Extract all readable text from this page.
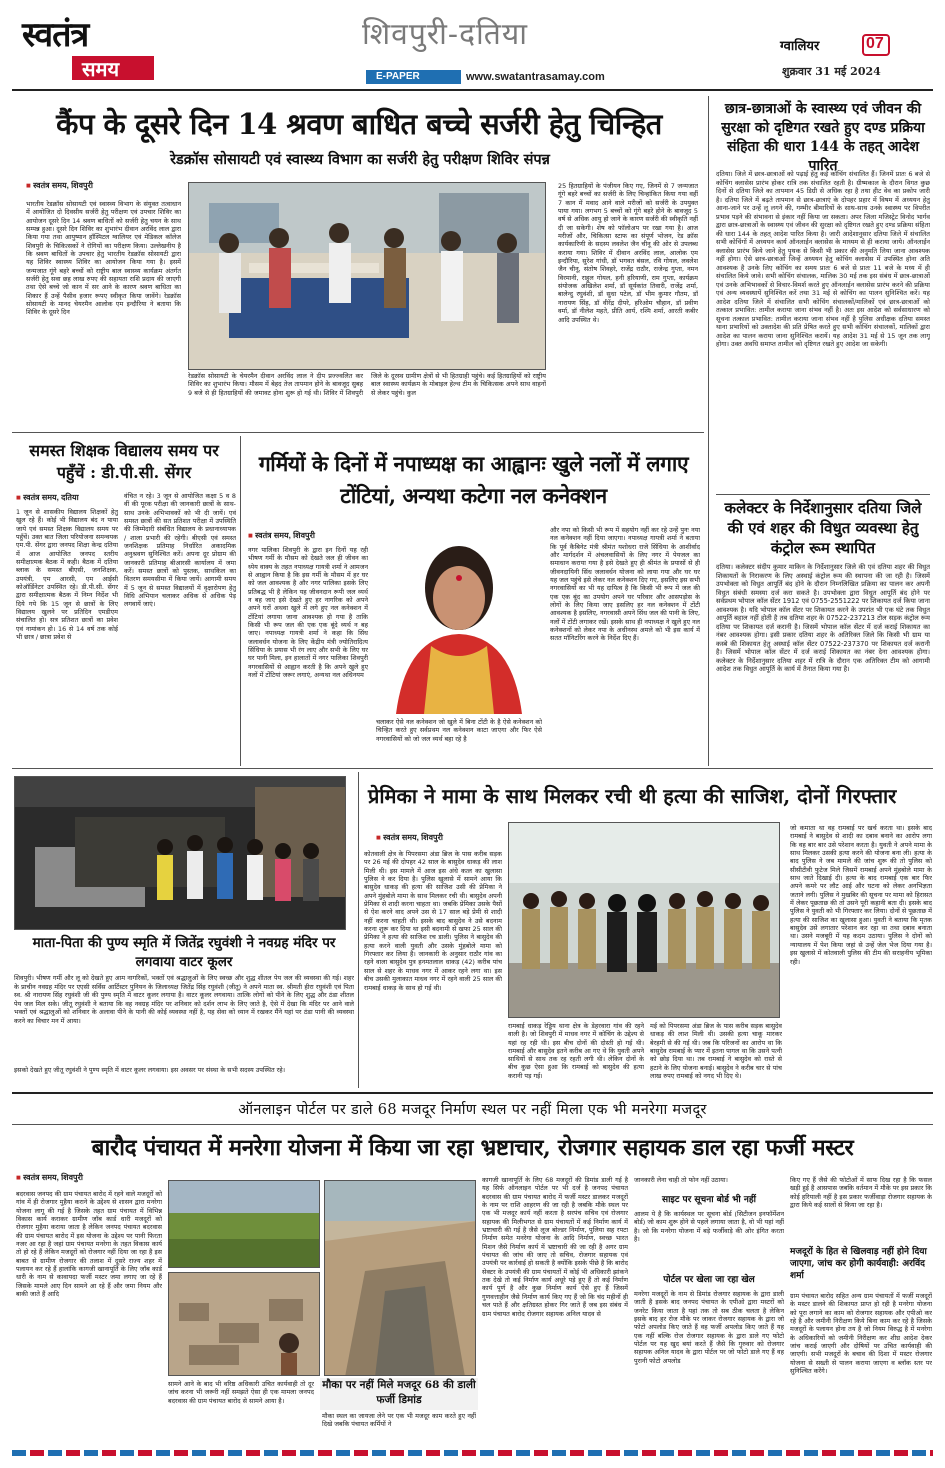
स्वतंत्र
समय
शिवपुरी-दतिया
E-PAPER	www.swatantrasamay.com
ग्वालियर	07
शुक्रवार 31 मई 2024
कैंप के दूसरे दिन 14 श्रवण बाधित बच्चे सर्जरी हेतु चिन्हित
रेडक्रॉस सोसायटी एवं स्वास्थ्य विभाग का सर्जरी हेतु परीक्षण शिविर संपन्न
■ स्वतंत्र समय, शिवपुरी
भारतीय रेडक्रॉस सोसायटी एवं स्वास्थ्य विभाग के संयुक्त तत्वाधान में आयोजित दो दिवसीय सर्जरी हेतु परीक्षण एवं उपचार शिविर का आयोजन दूसरे दिन 14 श्रवण बाधितों को सर्जरी हेतु चयन के साथ सम्पन्न हुआ। दूसरे दिन शिविर का शुभारंभ दीवान अरविंद लाल द्वारा किया गया तथा आयुष्मान हॉस्पिटल ग्वालियर एवं मेडिकल कॉलेज शिवपुरी के चिकित्सकों ने रोगियों का परीक्षण किया। उल्लेखनीय है कि श्रवण बाधितों के उपचार हेतु भारतीय रेडक्रॉस सोसायटी द्वारा यह शिविर स्वास्थ्य शिविर का आयोजन किया गया है। इसमें जन्मजात गूंगे बहरे बच्चों को राष्ट्रीय बाल स्वास्थ्य कार्यक्रम अंतर्गत सर्जरी हेतु सवा छह लाख रुपए की सहायता राशि प्रदाय की जाएगी तथा ऐसे बच्चे जो कान में सर आने के कारण श्रवण बाधिता का शिकार हैं उन्हें पैसीव हजार रूपए स्वीकृत किया जावेंगे। रेडक्रॉस सोसायटी के मानद चेयरमैन आलोक एम इन्दौरिया ने बताया कि शिविर के दूसरे दिन
रेडक्रॉस सोसायटी के चेयरमैन दीवान अरविंद लाल ने दीप प्रज्ज्वलित कर शिविर का शुभारंभ किया। मौसम में बेहद तेज तापमान होने के बावजूद सुबह 9 बजे से ही हितग्राहियों की जमावट होना शुरू हो गई थी। शिविर में शिवपुरी जिले के दूरस्थ ग्रामीण क्षेत्रों से भी हितग्राही पहुंचे। कई हितग्राहियों को राष्ट्रीय बाल स्वास्थ्य कार्यक्रम के मोबाइल हेल्थ टीम के चिकित्सक अपने साथ वाहनों से लेकर पहुंचे। कुल
25 हितग्राहियों के पंजीयन किए गए, जिनमें से 7 जन्मजात गूंगे बहरे बच्चों का सर्जरी के लिए चिन्हांकित किया गया वहीं 7 कान में मवाद आने वाले मरीजों को सर्जरी के उपयुक्त पाया गया। लगभग 5 बच्चों को गूंगे बहरे होने के बावजूद 5 वर्ष से अधिक आयु हो जाने के कारण सर्जरी की स्वीकृति नहीं दी जा सकेगी। शेष को फॉलोअप पर रखा गया है। आज मरीजों और, चिकित्सा स्टाफ का संपूर्ण भोजन, रेड क्रॉस कार्यकारिणी के सदस्य लवलेश जैन चीनू की ओर से उपलब्ध कराया गया। शिविर में दीवान अरविंद लाल, आलोक एम इन्दौरिया, सुरेश गांधी, डॉ भगवत बंसल, रवि गोयल, लवलेश जैन चीनू, संतोष शिवहरे, राजेंद्र राठौर, राजेन्द्र गुप्ता, नमन विरमानी, राहुल गोयल, हनी हरियाणी, राम गुप्ता, कार्यक्रम संयोजक अखिलेश शर्मा, डॉ सूर्यकांत तिवारी, राजेंद्र शर्मा, बालेन्दु रघुवंशी, डॉ सुधा पटेल, डॉ भीम कुमार गौतम, डॉ नारायण सिंह, डॉ वीरेंद्र दीपरे, हरिओम चौहान, डॉ प्रवीण वर्मा, डॉ नीलेश महते, प्रीति आर्य, रश्मि शर्मा, आरती कबीर आदि उपस्थित थे।
छात्र-छात्राओं के स्वास्थ्य एवं जीवन की सुरक्षा को दृष्टिगत रखते हुए दण्ड प्रक्रिया संहिता की धारा 144 के तहत् आदेश पारित
दतिया। जिले में छात्र-छात्राओं को पढ़ाई हेतु कई कोचिंग संचालित हैं। जिनमें प्रातः 6 बजे से कोचिंग क्लासेस प्रारंभ होकर रात्रि तक संचालित रहती है। ग्रीष्मकाल के दौरान विगत कुछ दिनों से दतिया जिले का तापमान 45 डिग्री से अधिक रहा है तथा हीट वेव का प्रकोप जारी है। दतिया जिले में बढ़ते तापमान से छात्र-छात्राएं के दोपहर प्रहार में विषम में अध्ययन हेतु आना-जाने पर उन्हें लू लगने की, गम्भीर बीमारियों के साथ-साथ उनके स्वास्थ्य पर विपरीत प्रभाव पड़ने की संभावना से इंकार नहीं किया जा सकता। अपर जिला मजिस्ट्रेट विनोद भार्गव द्वारा छात्र-छात्राओं के स्वास्थ्य एवं जीवन की सुरक्षा को दृष्टिगत रखते हुए दण्ड प्रक्रिया संहिता की धारा 144 के तहत् आदेश पारित किया है। जारी आदेशानुसार दतिया जिले में संचालित सभी कोचिंगों में अध्ययन कार्य ऑनलाईन क्लासेस के माध्यम से ही कराया जाये। ऑनलाईन क्लासेस प्रारंभ किये जाने हेतु पृथक से किसी भी प्रकार की अनुमति लिया जाना आवश्यक नहीं होगा। ऐसे छात्र-छात्राओं जिन्हें अध्ययन हेतु कोचिंग क्लासेस में उपस्थित होना अति आवश्यक है उनके लिए कोचिंग का समय प्रातः 6 बजे से प्रातः 11 बजे के मध्य में ही संचालित किये जावे। सभी कोचिंग संचालक, मालिक 30 मई तक इस संबंध में छात्र-छात्राओं एवं उनके अभिभावकों से विचार-विमर्श करते हुए ऑनलाईन क्लासेस प्रारंभ करने की प्रक्रिया एवं अन्य व्यवस्थायें सुनिश्चित करें तथा 31 मई से कोचिंग का पालन सुनिश्चित करें। यह आदेश दतिया जिले में संचालित सभी कोचिंग संचालकों/मालिकों एवं छात्र-छात्राओं को तत्काल प्रभावित: तामील कराया जाना संभव नहीं है। अतः इस आदेश को सर्वसाधारण को सूचना तत्काल प्रभावित: तामील कराया जाना संभव नहीं है पुलिस अधीक्षक दतिया समस्त थाना प्रभारियों को उक्तादेश की प्रति प्रेषित करते हुए सभी कोचिंग संचालकों, मालिकों द्वारा आदेश का पालन कराया जाना सुनिश्चित करायें। यह आदेश 31 मई से 15 जून तक लागू होगा। उक्त अवधि समाप्त तामील को दृष्टिगत रखते हुए आदेश जा सकेगी।
कलेक्टर के निर्देशानुसार दतिया जिले की एवं शहर की विधुत व्यवस्था हेतु कंट्रोल रूम स्थापित
दतिया। कलेक्टर संदीप कुमार माकिन के निर्देशानुसार जिले की एवं दतिया शहर की विधुत शिकायतों के निराकरण के लिए अस्थाई कंट्रोल रूम की स्थापना की जा रही है। जिसमें उपभोक्ता को विधुत आपूर्ति बंद होने के दौरान निम्नलिखित प्रक्रिया का पालन कर अपनी विधुत संबंधी समस्या दर्ज करा सकते है। उपभोक्ता द्वारा विधुत आपूर्ति बंद होने पर सर्वप्रथम भोपाल कॉल सेंटर 1912 एवं 0755-2551222 पर शिकायत दर्ज किया जाना आवश्यक है। यदि भोपाल कॉल सेंटर पर शिकायत करने के उपरांत भी एक घंटे तक विधुत आपूर्ति बहाल नहीं होती है तब दतिया शहर के 07522-237213 टोल सड़क कंट्रोल रूम दतिया पर शिकायत दर्ज करानी है। जिसमें भोपाल कॉल सेंटर में दर्ज कराई शिकायत का नंबर आवश्यक होगा। इसी प्रकार दतिया शहर के अतिरिक्त जिले कि किसी भी ग्राम या कस्बे की शिकायत हेतु अस्थाई कॉल सेंटर 07522-237370 पर शिकायत दर्ज करानी है। जिसमें भोपाल कॉल सेंटर में दर्ज कराई शिकायत का नंबर देना आवश्यक होगा। कलेक्टर के निर्देशानुसार दतिया शहर में रात्रि के दौरान एक अतिरिक्त टीम को आगामी आदेश तक विधुत आपूर्ति के कार्य में तैनात किया गया है।
समस्त शिक्षक विद्यालय समय पर पहुँचें : डी.पी.सी. सेंगर
■ स्वतंत्र समय, दतिया
1 जून से शासकीय विद्यालय शिक्षकों हेतु खुल रहे हैं। कोई भी विद्यालय बंद न पाया जाये एवं समस्त शिक्षक विद्यालय समय पर पहुँचें। उक्त बात जिला परियोजना समन्वयक एम.पी. सेंगर द्वारा जनपद शिक्षा केन्द्र दतिया में आज आयोजित जनपद स्तरीय समीक्षात्मक बैठक में कही। बैठक में दतिया ब्लाक के समस्त बीएसी, जनशिक्षक, उपयंत्री, एम आरसी, एम आईसी कोऑर्डिनेटर उपस्थित रहे। डी.पी.सी. सेंगर द्वारा समीक्षात्मक बैठक में निम्न निर्देश भी दिये गये कि 15 जून से छात्रों के लिए विद्यालय खुलने पर प्रतिदिन एमडीएम संचालित हो। सत्र प्रतिशत छात्रों का प्रवेश एवं नामांकन हो। 16 से 14 वर्ष तक कोई भी छात्र / छात्रा प्रवेश से
वंचित न रहे। 3 जून से आयोजित कक्षा 5 व 8 वीं की पूरक परीक्षा की जानकारी छात्रों के साथ-साथ उनके अभिभावकों को भी दी जायें। एवं समस्त छात्रों की सत प्रतिशत परीक्षा में उपस्थिति की जिम्मेदारी संबंधित विद्यालय के प्रधानाध्यापक / शाला प्रभारी की रहेगी। बीएसी एवं समस्त जनशिक्षक प्रतिमाह निर्धारित अकादमिक अनुश्रवण सुनिश्चित करें। अपना दूर प्रोग्राम की जानकारी प्रतिमाह बीआरसी कार्यालय में जमा करें। समस्त छात्रों को पुस्तक, साथकिल का वितरण समयसीमा में किया जायें। आगामी समय में 5 जून से समस्त विद्यालयों में वृक्षारोपण हेतु विधि अभियान चलाकर अधिक से अधिक पेड़ लगवायें जाएं।
गर्मियों के दिनों में नपाध्यक्ष का आह्वानः खुले नलों में लगाए टोंटियां, अन्यथा कटेगा नल कनेक्शन
■ स्वतंत्र समय, शिवपुरी
नगर पालिका शिवपुरी के द्वारा इन दिनों यह रही भीषण गर्मी के मौसम को देखते जल ही जीवन का ध्येय वाक्य के तहत नपाध्यक्ष गायत्री शर्मा ने आमजन से आह्वान किया है कि इस गर्मी के मौसम में हर घर को जल आवश्यक है और नगर पालिका इसके लिए प्रतिबद्ध भी है लेकिन यह जीवनदान रूपी जल व्यर्थ न बह जाए इसे देखते हुए हर नागरिक को अपने अपने घरों अथवा खुले में लगे हुए नल कनेक्शन में टोंटियां लगाया जाना आवश्यक हो गया है ताकि किसी भी रूप जल की एक एक बूंदे व्यर्थ न बह जाए। नपाध्यक्ष गायत्री शर्मा ने कहा कि सिंध जलावर्धन योजना के लिए केंद्रीय मंत्री ज्योतिरादित्य सिंधिया के प्रयास भी रंग लाए और सभी के लिए घर घर पानी मिला, इन हालातों में नगर पालिका शिवपुरी नगरवासियों से आह्वान करती है कि अपने खुले हुए नलों में टोंटियां जरूर लगाएं, अन्यथा नल अधिनयम
चलाकर ऐसे नल कनेक्शन जो खुले में बिना टोंटी के है ऐसे कनेक्शन को चिन्हित करते हुए सर्वप्रथम नल कनेक्शन काटा जाएगा और फिर ऐसे नगरवासियों को जो जल व्यर्थ बहा रहे है
और नपा को किसी भी रूप में सहयोग नहीं कर रहे उन्हें पुनः नया नल कनेक्शन नहीं दिया जाएगा। नपाध्यक्ष गायत्री शर्मा ने बताया कि पूर्व कैबिनेट मंत्री श्रीमंत यशोधरा राजे सिंधिया के आशीर्वाद और मार्गदर्शन में अंचलवासियों के लिए नगर में पेयजल का समाधान कराया गया है इसे देखते हुए ही श्रीमंत के प्रयासों से ही जीवनदायिनी सिंध जलावर्धन योजना को लाया गया और घर घर यह जल पहुंचे इसे लेकर नल कनेक्शन दिए गए, इसलिए इस सभी नगरवासियों का भी यह दायित्व है कि किसी भी रूप में जल की एक एक बूंद का उपयोग अपने घर परिवार और आसपड़ोस के लोगों के लिए किया जाए इसलिए हर नल कनेक्शन में टोंटी आवश्यक है इसलिए, नगरवासी अपने सिंध जल की पानी के लिए, नलों में टोंटी लगाकर रखें। इसके साथ ही नपाध्यक्ष ने खुले हुए नल कनेक्शनों को लेकर नपा के अधीनस्थ अमले को भी इस कार्य में सतत मॉनिटरिंग करने के निर्देश दिए हैं।
माता-पिता की पुण्य स्मृति में जितेंद्र रघुवंशी ने नवग्रह मंदिर पर लगवाया वाटर कूलर
शिवपुरी। भीषण गर्मी और लू को देखते हुए आम नागरिकों, भक्तों एवं श्रद्धालुओं के लिए स्वच्छ और शुद्ध शीतल पेय जल की व्यवस्था की गई। शहर के प्राचीन नवग्रह मंदिर पर एएसी सर्विस आर्टिस्टर पुनियन के जिलाध्यक्ष जितेंद्र सिंह रघुवंशी (जीतू) ने अपने माता स्व. श्रीमती हीरा रघुवंशी एवं पिता स्व. श्री नारायण सिंह रघुवंशी जी की पुण्य स्मृति में वाटर कूलर लगाया है। वाटर कूलर लगवाया। तात्कि लोगों को पीने के लिए शुद्ध और ठंडा शीतल पेय जल मिल सके। जीतू रघुवंशी ने बताया कि वह नवग्रह मंदिर पर शनिवार को दर्शन लाभ के लिए जाते है, ऐसे में देखा कि मंदिर पर आने वाले भक्तों एवं श्रद्धालुओं को शनिवार के अलावा पीने के पानी की कोई व्यवस्था नहीं है, यह सेवा को ध्यान में रखकर मैंने यहां पर ठंडा पानी की व्यवस्था करने का विचार मन में आया।
इसको देखते हुए जीतू रघुवंशी ने पुण्य स्मृति में वाटर कूलर लगवाया। इस अवसर पर संस्था के सभी सदस्य उपस्थित रहे।
प्रेमिका ने मामा के साथ मिलकर रची थी हत्या की साजिश, दोनों गिरफ्तार
■ स्वतंत्र समय, शिवपुरी
कोतवाली क्षेत्र के पिपरसमा अंडा ब्रिज के पास करीब सड़क पर 26 मई की दोपहर 42 साल के बासुदेव धाकड़ की लाश मिली थी। इस मामले में आज इस अंधे कत्ल का खुलासा पुलिस ने कर दिया है। पुलिस खुलासे में सामने आया कि बासुदेव धाकड़ की हत्या की साजिश उसी की प्रेमिका ने अपने मुंहबोले मामा के साथ मिलकर रची थी। बासुदेव अपनी प्रेमिका से शादी करना चाहता था। जबकि प्रेमिका उसके पैसों से ऐश करने वाद अपने उस से 17 साल बड़े प्रेमी से शादी नहीं करना चाहती थी। इसके बाद बासुदेव ने उसे बदनाम करना शुरू कर दिया था इसी बदनामी से खफा 25 साल की प्रेमिका ने हत्या की साजिश रच डाली। पुलिस ने बासुदेव की हत्या करने वाली युवती और उसके मुंहबोले मामा को गिरफ्तार कर लिया है। जानकारी के अनुसार राठौर गांव का रहने वाला बासुदेव पुत्र हनमतलाल धाकड़ (42) करीब पांच साल से शहर के माधव नगर में आकर रहने लगा था। इस बीच उसकी मुलाकात माधव नगर में रहने वाली 25 साल की रामबाई धाकड़ के साथ हो गई थी।
रामबाई धाकड़ रेड्डिय थाना क्षेत्र के डेहरवारा गांव की रहने वाली है। जो शिवपुरी में माधव नगर में कोचिंग के उद्देश्य से यहां रह रही थी। इस बीच दोनों की दोस्ती हो गई थी। रामबाई और बासुदेव इतने करीब आ गए थे कि युवती अपने साथियों से साथ तक रह रहती लगी थी। लेकिन दोनों के बीच कुछ ऐसा हुआ कि रामबाई को बासुदेव की हत्या करानी पड़ गई।
मई को पिपरसमा अंडा ब्रिज के पास करीब सड़क बासुदेव धाकड़ की लाश मिली थी। उसकी हत्या चाकू मारकर बेरहमी से की गई थी। जब कि परिजनों का आरोप था कि बासुदेव रामबाई के प्यार में इतना पागल था कि उसने पत्नी को छोड़ दिया था। तब रामबाई ने बासुदेव को रास्ते से हटाने के लिए योजना बनाई। बासुदेव ने करीब चार से पांच लाख रुपए रामबाई को नगद भी दिए थे।
जो कमाता था वह रामबाई पर खर्च करता था। इसके बाद रामबाई ने बासुदेव से शादी का दबाव बनाने का आरोप लगा कि वह बार बार उसे परेशान करता है। युवती ने अपने मामा के साथ मिलकर उसकी हत्या करने की योजना बना ली। हत्या के बाद पुलिस ने जब मामले की जांच शुरू की तो पुलिस को सीसीटीवी फुटेज मिले जिसमें रामबाई अपने मुंहबोले मामा के साथ जाते दिखाई दी। हत्या के बाद रामबाई एक बार फिर अपने कमरे पर लौट आई और घटना को लेकर अनभिज्ञता जताने लगी। पुलिस ने मुखबिर की सूचना पर मामा को हिरासत में लेकर पूछताछ की तो उसने पूरी कहानी बता दी। इसके बाद पुलिस ने युवती को भी गिरफ्तार कर लिया। दोनों से पूछताछ में हत्या की साजिश का खुलासा हुआ। युवती ने बताया कि मृतक बासुदेव उसे लगातार परेशान कर रहा था तथा दबाव बनाता था। उसने मजबूरी में यह कदम उठाया। पुलिस ने दोनों को न्यायालय में पेश किया जहां से उन्हें जेल भेज दिया गया है। इस खुलासे में कोतवाली पुलिस की टीम की सराहनीय भूमिका रही।
ऑनलाइन पोर्टल पर डाले 68 मजदूर निर्माण स्थल पर नहीं मिला एक भी मनरेगा मजदूर
बारौद पंचायत में मनरेगा योजना में किया जा रहा भ्रष्टाचार, रोजगार सहायक डाल रहा फर्जी मस्टर
■ स्वतंत्र समय, शिवपुरी
बदरवास जनपद की ग्राम पंचायत बारोद में रहने वाले मजदूरों को गांव में ही रोजगार मुहैया कराने के उद्देश्य से शासन द्वारा मनरेगा योजना लागू की गई है जिसके तहत ग्राम पंचायत में विभिन्न विकास कार्य कराकर ग्रामीण जॉब कार्ड धारी मजदूरों को रोजगार मुहैया कराया जाता है लेकिन जनपद पंचायत बदरवास की ग्राम पंचायत बारोद में इस योजना के उद्देश्य पर पानी फिरता नजर आ रहा है जहां ग्राम पंचायत मनरेगा के तहत विकास कार्य तो हो रहे हैं लेकिन मजदूरों को रोजगार नहीं दिया जा रहा है इस बाबत से ग्रामीण रोजगार की तलाश में दूसरे राज्य शहर में पलायन कर रहे हैं हालांकि कागजी खानापूर्ति के लिए जॉब कार्ड धारी के नाम से कावायदा फर्जी मस्टर जमा लगाए जा रहे हैं जिसके मामले आए दिन सामने आ रहे हैं और जमा नियम और बाकी जाते हैं आदि
सामने आने के बाद भी वरिष्ठ अधिकारी उचित कार्यवाही तो दूर जांच करना भी जरूरी नहीं समझते ऐसा ही एक मामला जनपद बदरवास की ग्राम पंचायत बारोद से सामने आया है।
मौका पर नहीं मिले मजदूर 68 की डाली फर्जी डिमांड
मौका स्थल का जायजा लेने पर एक भी मजदूर काम करते हुए नहीं दिखे जबकि पंचायत कर्मियों ने
कागजी खानापूर्ति के लिए 68 मजदूरों की डिमांड डाली गई है यह सिर्फ ऑनलाइन पोर्टल पर भी दर्ज है जनपद पंचायत बदरवास की ग्राम पंचायत बारोद में फर्जी मस्टर डालकर मजदूरों के नाम पर राशि आहरण की जा रही है जबकि मौके स्थल पर एक भी मजदूर कार्य नहीं करता है सरपंच सचिव एवं रोजगार सहायक की मिलीभगत से ग्राम पंचायतों में कई निर्माण कार्य में भ्रष्टाचारी की गई है जैसे लूज बोल्डर निर्माण, पुलिया सह रपटा निर्माण समेत मनरेगा योजना के आदि निर्माण, स्वच्छ भारत मिशन जैसे निर्माण कार्य में भ्रष्टाचारी की जा रही है अगर ग्राम पंचायत की जांच की जाए तो सचिव, रोजगार सहायक एवं उपयंत्री पर कार्रवाई हो सकती है क्योंकि इसके पीछे है कि बारोद सेक्टर के उपयंत्री की ग्राम पंचायतों में कोई भी अधिकारी झांकने तक देखे तो कई निर्माण कार्य अधूरे पड़े हुए हैं तो कई निर्माण कार्य पूर्ण है और कुछ निर्माण कार्य ऐसे हुए हैं जिसमें गुणवत्ताहीन जैसे निर्माण कार्य किए गए हैं जो कि चंद महीनों ही चल पाते हैं और क्षतिग्रस्त होकर गिर जाते हैं जब इस संबंध में ग्राम पंचायत बारोद रोजगार सहायक अनिल यादव से
जानकारी लेना चाही तो फोन नहीं उठाया।
साइट पर सूचना बोर्ड भी नहीं
आलम ये है कि कार्यस्थल पर सूचना बोर्ड (सिटीजन इनफॉर्मेशन बोर्ड) जो काम शुरू होने से पहले लगाया जाता है, वो भी यहां नहीं है। जो कि मनरेगा योजना में बड़े फर्जीवाड़े की ओर इंगित करता है।
पोर्टल पर खेला जा रहा खेल
मनरेगा मजदूरों के नाम से डिमांड रोजगार सहायक के द्वारा डाली जाती है इसके बाद जनपद पंचायत के एपीओ द्वारा मस्टरों को जनरेट किया जाता है यहां तक तो सब ठीक चलता है लेकिन इसके बाद हर रोज मौके पर जाकर रोजगार सहायक के द्वारा जो फोटो अपलोड किए जाते हैं वह फर्जी अपलोड किए जाते हैं यह एक नहीं बल्कि रोज रोजगार सहायक के द्वारा डाले गए फोटो पोर्टल पर यह खुद बयां करते हैं जैसे कि गुरुवार को रोजगार सहायक अनिल यादव के द्वारा पोर्टल पर जो फोटो डाले गए हैं वह पुरानी फोटो अपलोड
किए गए हैं जैसे की फोटोओं में साफ दिख रहा है कि फसल खड़ी हुई है आसपास जबकि वर्तमान में मौके पर इस प्रकार कि कोई हरियाली नहीं है इस प्रकार फर्जीवाड़ा रोजगार सहायक के द्वारा किये कई सालों से किया जा रहा है।
मजदूरों के हित से खिलवाड़ नहीं होने दिया जाएगा, जांच कर होगी कार्यवाही: अरविंद शर्मा
ग्राम पंचायत बारोद सहित अन्य ग्राम पंचायतों में फर्जी मजदूरों के मस्टर डालने की शिकायत प्राप्त हो रही है मनरेगा योजना को पूरा लगाने का काम को रोजगार सहायक और एपीओ कर रहे है और जमीनी निरीक्षण किये बिना काम कर रहे है जिसके मजदूरों के पलायन होना तय है जो नियम विरुद्ध है में मनरेगा के अधिकारियों को जमीनी निरीक्षण कर शीघ्र आदेश देकर जांच कराई जाएगी और दोषियों पर उचित कार्यवाही की जाएगी। सभी मजदूरों के बचाव की दिशा में मस्टर रोजगार योजना से सख्ती से पालन कराया जाएगा व ब्लॉक स्तर पर सुनिश्चित करेंगे।
